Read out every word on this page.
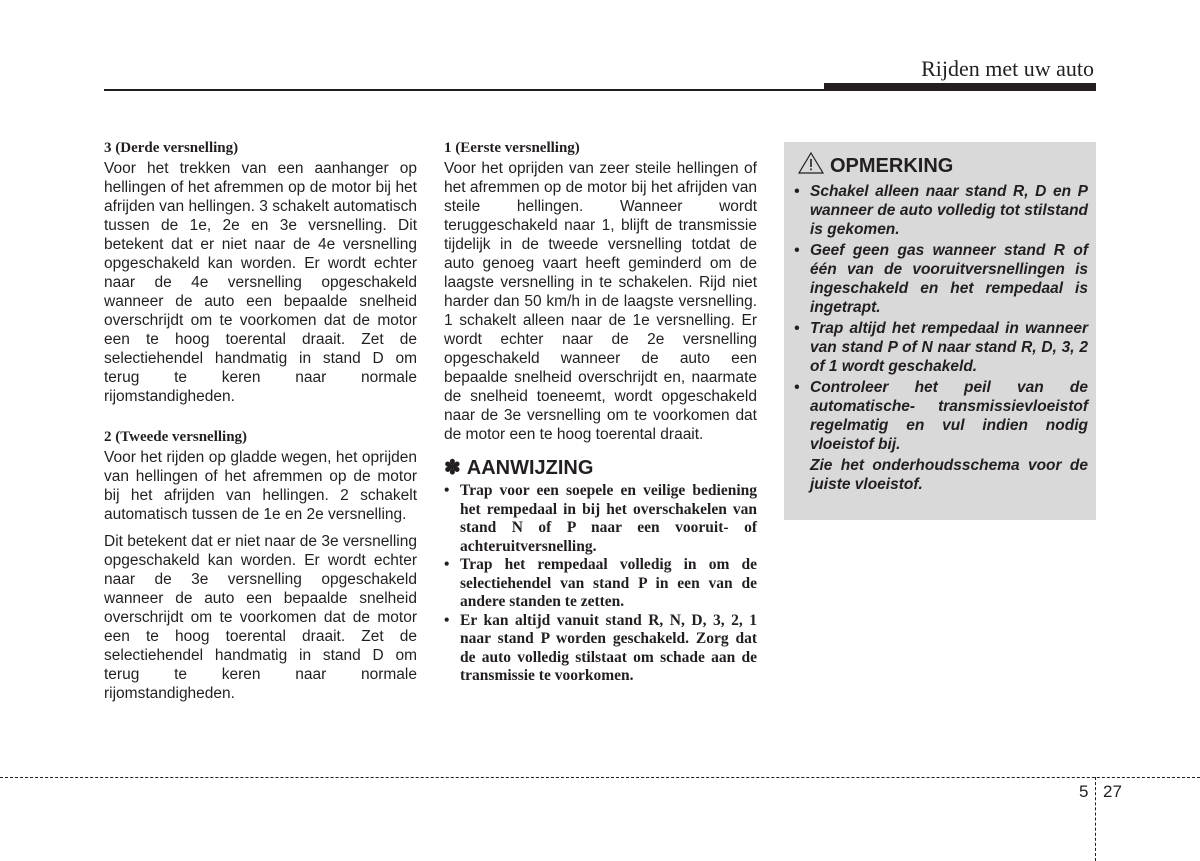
Rijden met uw auto
3 (Derde versnelling)

Voor het trekken van een aanhanger op hellingen of het afremmen op de motor bij het afrijden van hellingen. 3 schakelt automatisch tussen de 1e, 2e en 3e versnelling. Dit betekent dat er niet naar de 4e versnelling opgeschakeld kan worden. Er wordt echter naar de 4e versnelling opgeschakeld wanneer de auto een bepaalde snelheid overschrijdt om te voorkomen dat de motor een te hoog toerental draait. Zet de selectiehendel handmatig in stand D om terug te keren naar normale rijomstandigheden.

2 (Tweede versnelling)

Voor het rijden op gladde wegen, het oprijden van hellingen of het afremmen op de motor bij het afrijden van hellingen. 2 schakelt automatisch tussen de 1e en 2e versnelling.

Dit betekent dat er niet naar de 3e versnelling opgeschakeld kan worden. Er wordt echter naar de 3e versnelling opgeschakeld wanneer de auto een bepaalde snelheid overschrijdt om te voorkomen dat de motor een te hoog toerental draait. Zet de selectiehendel handmatig in stand D om terug te keren naar normale rijomstandigheden.

1 (Eerste versnelling)

Voor het oprijden van zeer steile hellingen of het afremmen op de motor bij het afrijden van steile hellingen. Wanneer wordt teruggeschakeld naar 1, blijft de transmissie tijdelijk in de tweede versnelling totdat de auto genoeg vaart heeft geminderd om de laagste versnelling in te schakelen. Rijd niet harder dan 50 km/h in de laagste versnelling. 1 schakelt alleen naar de 1e versnelling. Er wordt echter naar de 2e versnelling opgeschakeld wanneer de auto een bepaalde snelheid overschrijdt en, naarmate de snelheid toeneemt, wordt opgeschakeld naar de 3e versnelling om te voorkomen dat de motor een te hoog toerental draait.

✽ AANWIJZING
• Trap voor een soepele en veilige bediening het rempedaal in bij het overschakelen van stand N of P naar een vooruit- of achteruitversnelling.
• Trap het rempedaal volledig in om de selectiehendel van stand P in een van de andere standen te zetten.
• Er kan altijd vanuit stand R, N, D, 3, 2, 1 naar stand P worden geschakeld. Zorg dat de auto volledig stilstaat om schade aan de transmissie te voorkomen.
OPMERKING
• Schakel alleen naar stand R, D en P wanneer de auto volledig tot stilstand is gekomen.
• Geef geen gas wanneer stand R of één van de vooruitversnellingen is ingeschakeld en het rempedaal is ingetrapt.
• Trap altijd het rempedaal in wanneer van stand P of N naar stand R, D, 3, 2 of 1 wordt geschakeld.
• Controleer het peil van de automatische- transmissievloeistof regelmatig en vul indien nodig vloeistof bij.
Zie het onderhoudsschema voor de juiste vloeistof.
5 27
